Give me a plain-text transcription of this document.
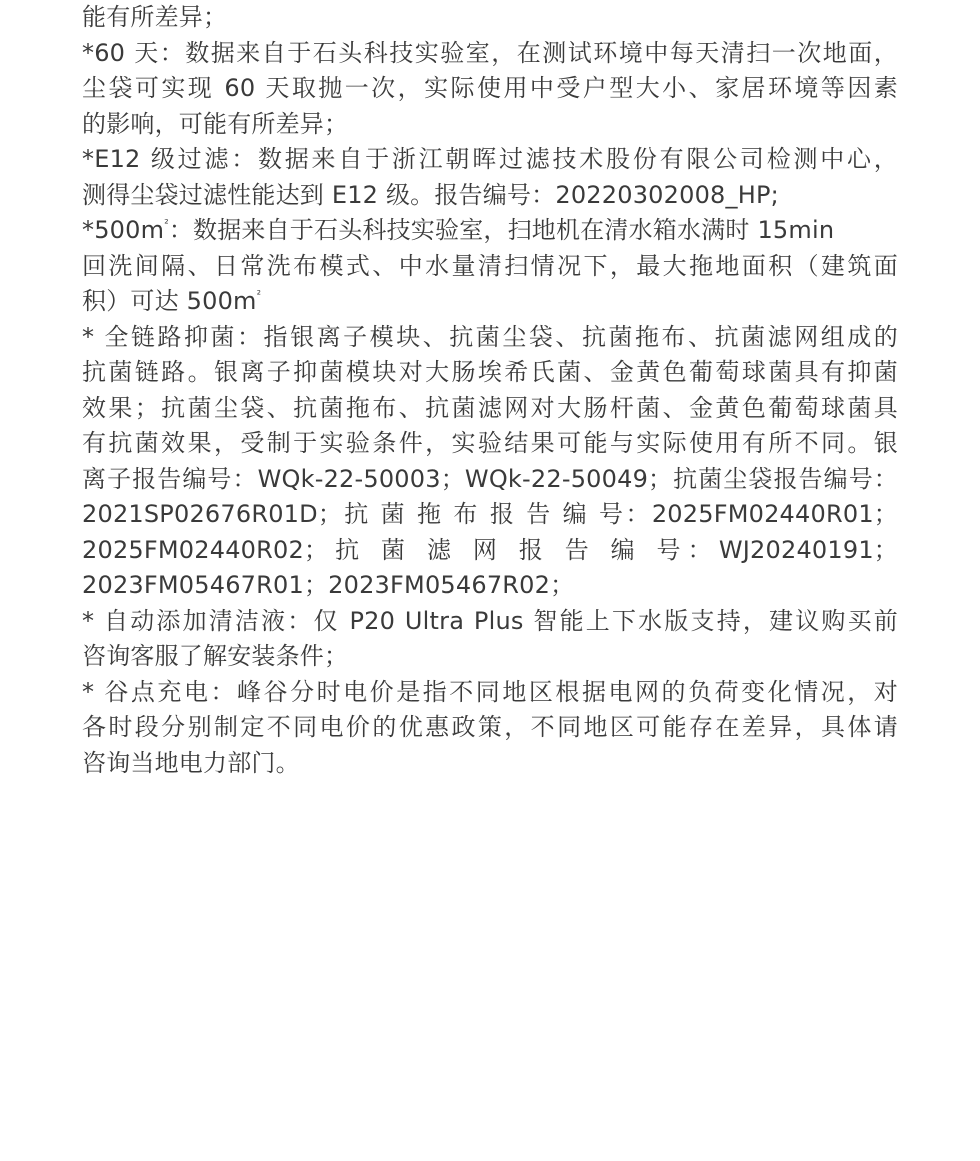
能有所差异；
*60 天：数据来自于石头科技实验室，在测试环境中每天清扫一次地面，
尘袋可实现 60 天取抛一次，实际使用中受户型大小、家居环境等因素
的影响，可能有所差异；
*E12 级过滤：数据来自于浙江朝晖过滤技术股份有限公司检测中心，
测得尘袋过滤性能达到 E12 级。报告编号：20220302008_HP;
$*500m^{^2}$：数据来自于石头科技实验室，扫地机在清水箱水满时 15min
回洗间隔、日常洗布模式、中水量清扫情况下，最大拖地面积（建筑面
积）可达 $500m^{^2}$
* 全链路抑菌：指银离子模块、抗菌尘袋、抗菌拖布、抗菌滤网组成的
抗菌链路。银离子抑菌模块对大肠埃希氏菌、金黄色葡萄球菌具有抑菌
效果；抗菌尘袋、抗菌拖布、抗菌滤网对大肠杆菌、金黄色葡萄球菌具
有抗菌效果，受制于实验条件，实验结果可能与实际使用有所不同。银
离子报告编号：WQk-22-50003；WQk-22-50049；抗菌尘袋报告编号：
2021SP02676R01D；抗 菌 拖 布 报 告 编 号：2025FM02440R01；
2025FM02440R02；抗 菌 滤 网 报 告 编 号：WJ20240191；
2023FM05467R01；2023FM05467R02；
* 自动添加清洁液：仅 P20 Ultra Plus 智能上下水版支持，建议购买前
咨询客服了解安装条件；
* 谷点充电：峰谷分时电价是指不同地区根据电网的负荷变化情况，对
各时段分别制定不同电价的优惠政策，不同地区可能存在差异，具体请
咨询当地电力部门。
